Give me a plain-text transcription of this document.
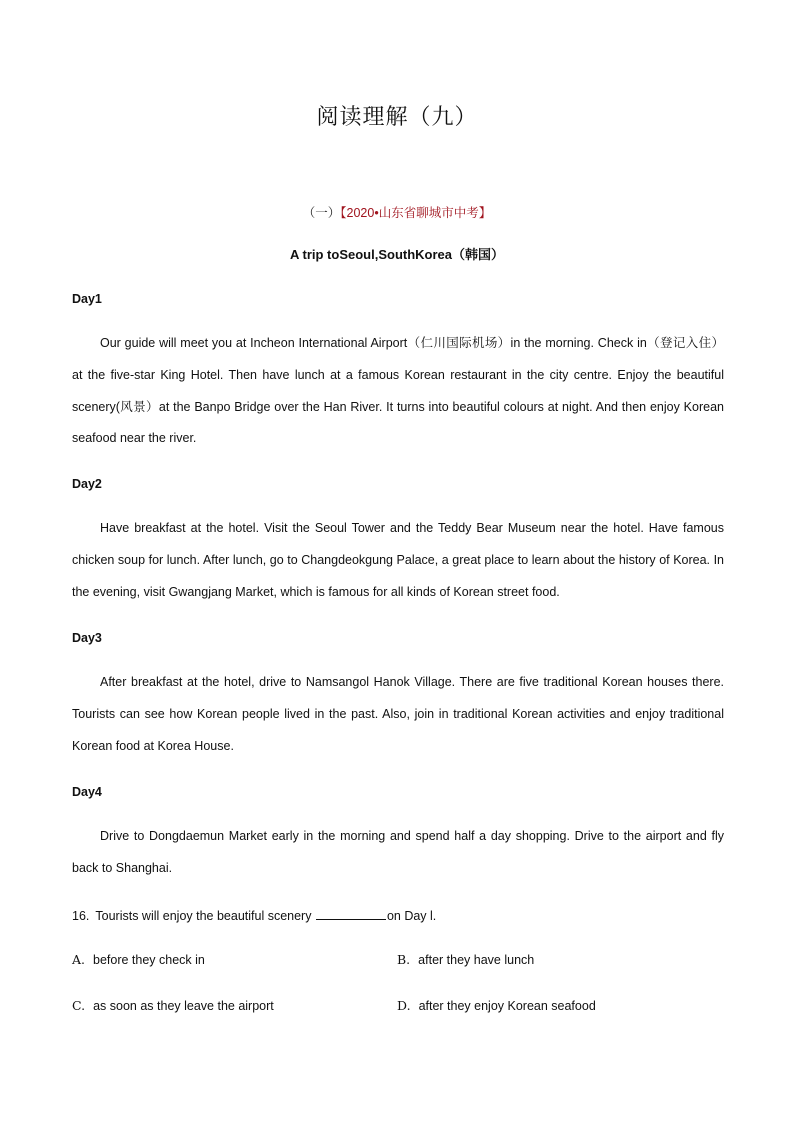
阅读理解（九）
（一）【2020•山东省聊城市中考】
A trip toSeoul,SouthKorea（韩国）
Day1
Our guide will meet you at Incheon International Airport（仁川国际机场）in the morning. Check in（登记入住）at the five-star King Hotel. Then have lunch at a famous Korean restaurant in the city centre. Enjoy the beautiful scenery(风景）at the Banpo Bridge over the Han River. It turns into beautiful colours at night. And then enjoy Korean seafood near the river.
Day2
Have breakfast at the hotel. Visit the Seoul Tower and the Teddy Bear Museum near the hotel. Have famous chicken soup for lunch. After lunch, go to Changdeokgung Palace, a great place to learn about the history of Korea. In the evening, visit Gwangjang Market, which is famous for all kinds of Korean street food.
Day3
After breakfast at the hotel, drive to Namsangol Hanok Village. There are five traditional Korean houses there. Tourists can see how Korean people lived in the past. Also, join in traditional Korean activities and enjoy traditional Korean food at Korea House.
Day4
Drive to Dongdaemun Market early in the morning and spend half a day shopping. Drive to the airport and fly back to Shanghai.
16. Tourists will enjoy the beautiful scenery	on Day l.
A. before they check in	B. after they have lunch
C. as soon as they leave the airport	D. after they enjoy Korean seafood
